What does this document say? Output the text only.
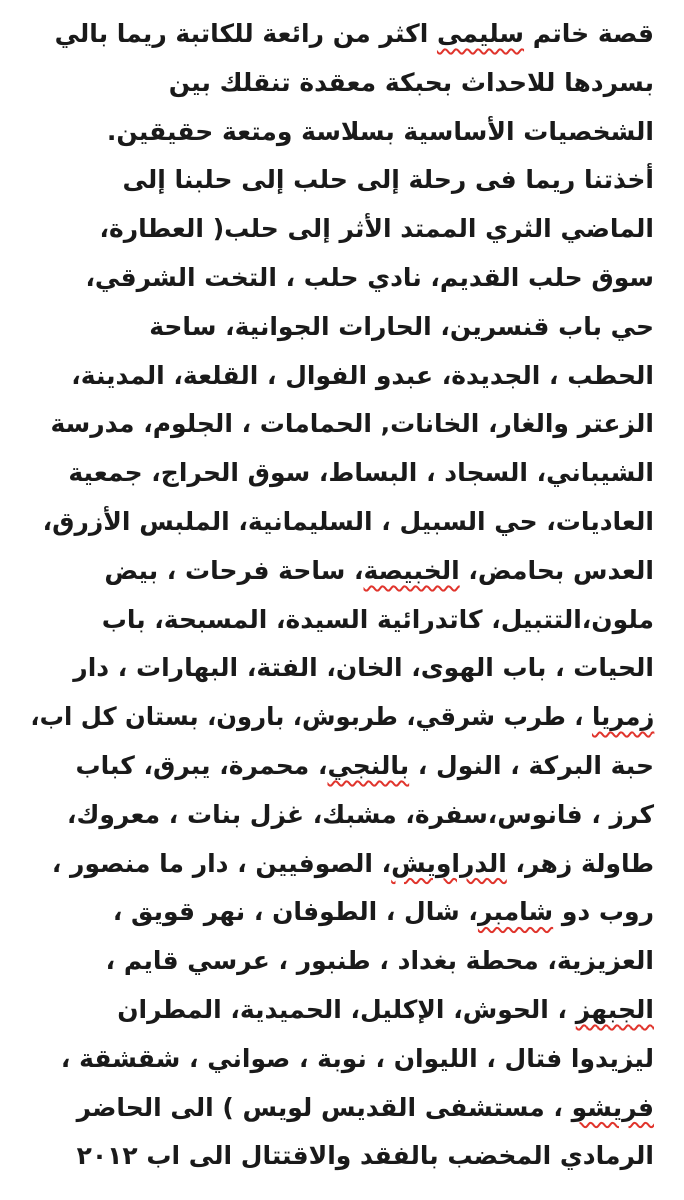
قصة خاتم سليمى اكثر من رائعة للكاتبة ريما بالي
بسردها للاحداث بحبكة معقدة تنقلك بين
الشخصيات الأساسية بسلاسة ومتعة حقيقين.
أخذتنا ريما فى رحلة إلى حلب إلى حلبنا إلى
الماضي الثري الممتد الأثر إلى حلب( العطارة،
سوق حلب القديم، نادي حلب ، التخت الشرقي،
حي باب قنسرين، الحارات الجوانية، ساحة
الحطب ، الجديدة، عبدو الفوال ، القلعة، المدينة،
الزعتر والغار، الخانات, الحمامات ، الجلوم، مدرسة
الشيباني، السجاد ، البساط، سوق الحراج، جمعية
العاديات، حي السبيل ، السليمانية، الملبس الأزرق،
العدس بحامض، الخبيصة، ساحة فرحات ، بيض
ملون،التتبيل، كاتدرائية السيدة، المسبحة، باب
الحيات ، باب الهوى، الخان، الفتة، البهارات ، دار
زمريا ، طرب شرقي، طربوش، بارون، بستان كل اب،
حبة البركة ، النول ، بالنجي، محمرة، يبرق، كباب
كرز ، فانوس،سفرة، مشبك، غزل بنات ، معروك،
طاولة زهر، الدراويش، الصوفيين ، دار ما منصور ،
روب دو شامبر، شال ، الطوفان ، نهر قويق ،
العزيزية، محطة بغداد ، طنبور ، عرسي قايم ،
الجبهز ، الحوش، الإكليل، الحميدية، المطران
ليزيدوا فتال ، الليوان ، نوبة ، صواني ، شقشقة ،
فريشو ، مستشفى القديس لويس ) الى الحاضر
الرمادي المخضب بالفقد والاقتتال الى اب ٢٠١٢
